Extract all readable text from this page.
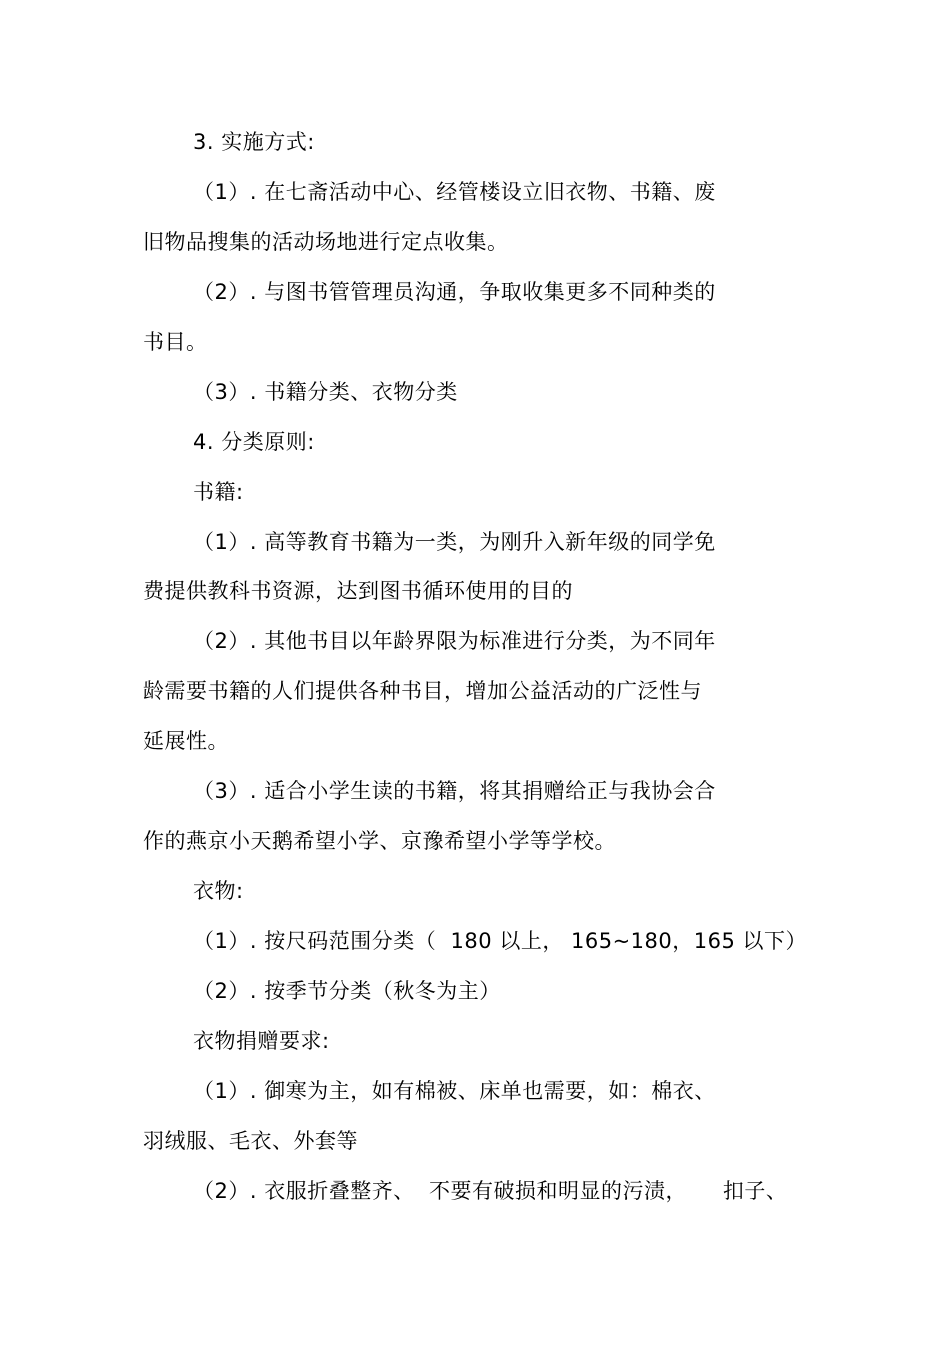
3. 实施方式:
（1）. 在七斋活动中心、经管楼设立旧衣物、书籍、废
旧物品搜集的活动场地进行定点收集。
（2）. 与图书管管理员沟通，争取收集更多不同种类的
书目。
（3）. 书籍分类、衣物分类
4. 分类原则:
书籍:
（1）. 高等教育书籍为一类，为刚升入新年级的同学免
费提供教科书资源，达到图书循环使用的目的
（2）. 其他书目以年龄界限为标准进行分类，为不同年
龄需要书籍的人们提供各种书目，增加公益活动的广泛性与
延展性。
（3）. 适合小学生读的书籍，将其捐赠给正与我协会合
作的燕京小天鹅希望小学、京豫希望小学等学校。
衣物:
（1）. 按尺码范围分类（  180 以上， 165~180，165 以下）
（2）. 按季节分类（秋冬为主）
衣物捐赠要求:
（1）. 御寒为主，如有棉被、床单也需要，如：棉衣、
羽绒服、毛衣、外套等
（2）. 衣服折叠整齐、  不要有破损和明显的污渍，     扣子、
